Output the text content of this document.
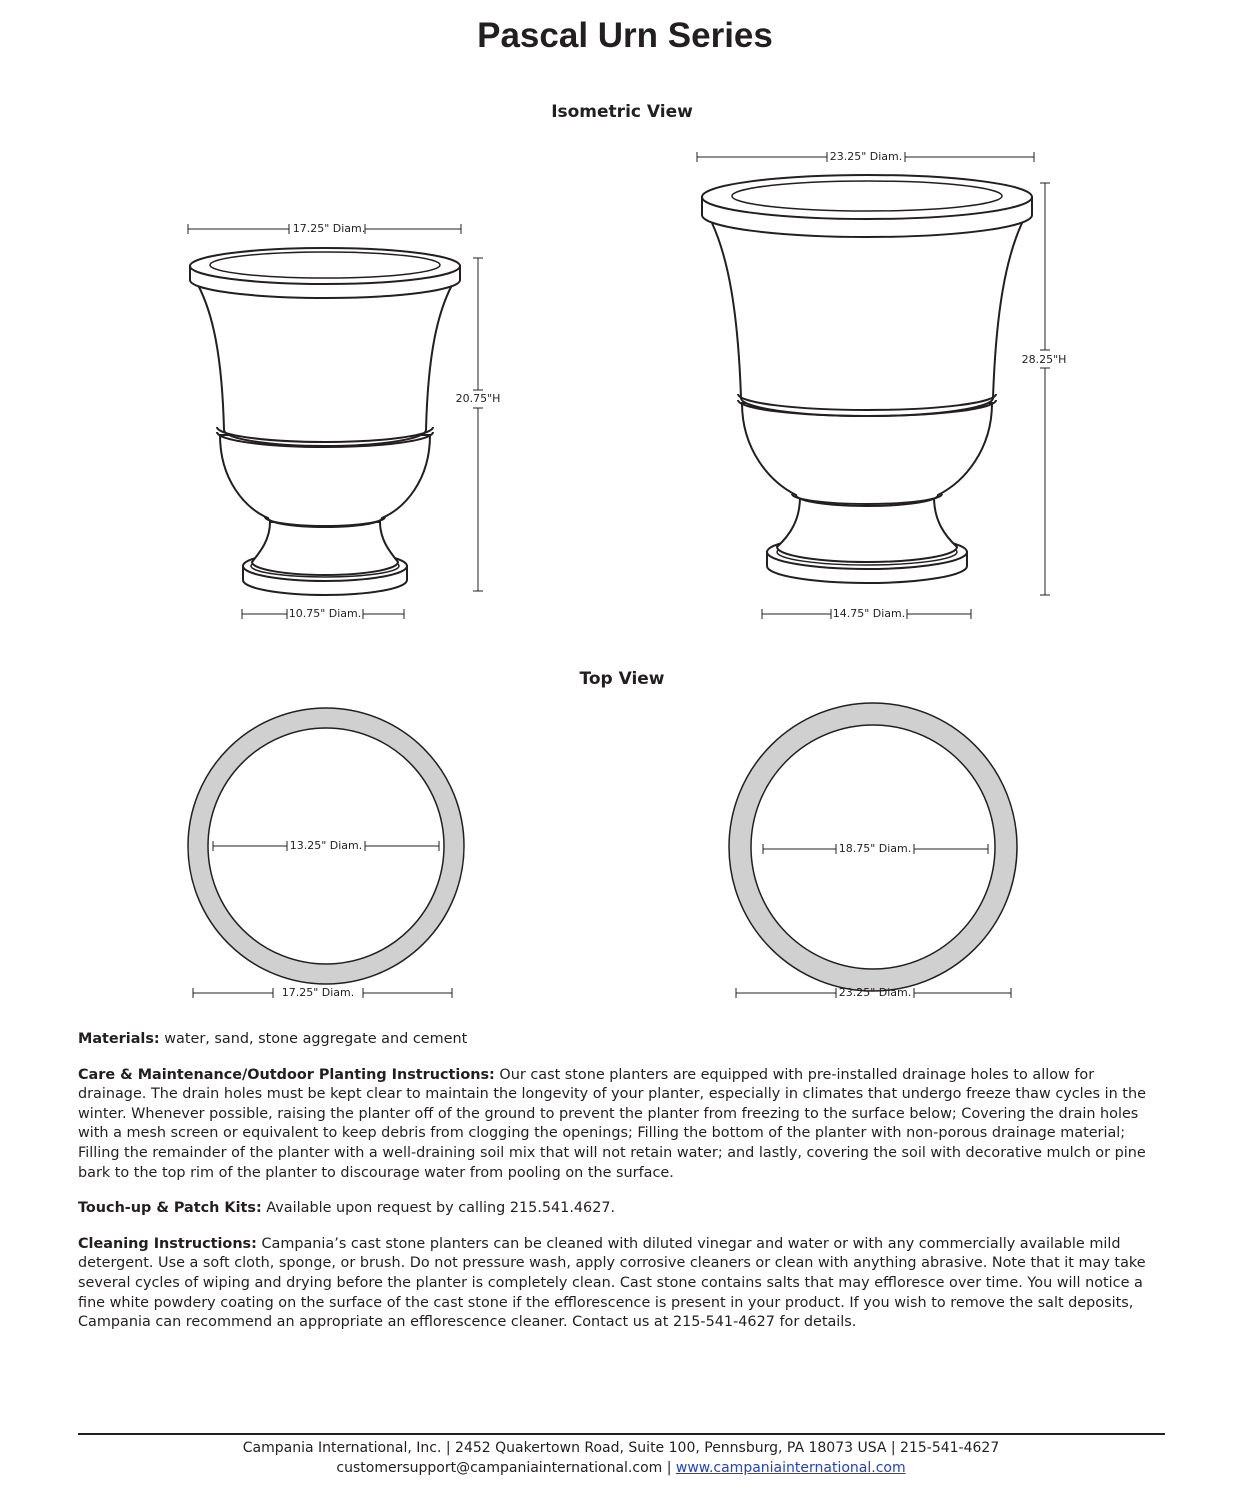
Pascal Urn Series
Isometric View
Top View
17.25" Diam.
20.75"H
10.75" Diam.
23.25" Diam.
28.25"H
14.75" Diam.
13.25" Diam.
17.25" Diam.
18.75" Diam.
23.25" Diam.

Materials: water, sand, stone aggregate and cement

Care & Maintenance/Outdoor Planting Instructions: Our cast stone planters are equipped with pre-installed drainage holes to allow for drainage. The drain holes must be kept clear to maintain the longevity of your planter, especially in climates that undergo freeze thaw cycles in the winter. Whenever possible, raising the planter off of the ground to prevent the planter from freezing to the surface below; Covering the drain holes with a mesh screen or equivalent to keep debris from clogging the openings; Filling the bottom of the planter with non-porous drainage material; Filling the remainder of the planter with a well-draining soil mix that will not retain water; and lastly, covering the soil with decorative mulch or pine bark to the top rim of the planter to discourage water from pooling on the surface.

Touch-up & Patch Kits: Available upon request by calling 215.541.4627.

Cleaning Instructions: Campania’s cast stone planters can be cleaned with diluted vinegar and water or with any commercially available mild detergent. Use a soft cloth, sponge, or brush. Do not pressure wash, apply corrosive cleaners or clean with anything abrasive. Note that it may take several cycles of wiping and drying before the planter is completely clean. Cast stone contains salts that may effloresce over time. You will notice a fine white powdery coating on the surface of the cast stone if the efflorescence is present in your product. If you wish to remove the salt deposits, Campania can recommend an appropriate an efflorescence cleaner. Contact us at 215-541-4627 for details.

Campania International, Inc. | 2452 Quakertown Road, Suite 100, Pennsburg, PA 18073 USA | 215-541-4627
customersupport@campaniainternational.com | www.campaniainternational.com
